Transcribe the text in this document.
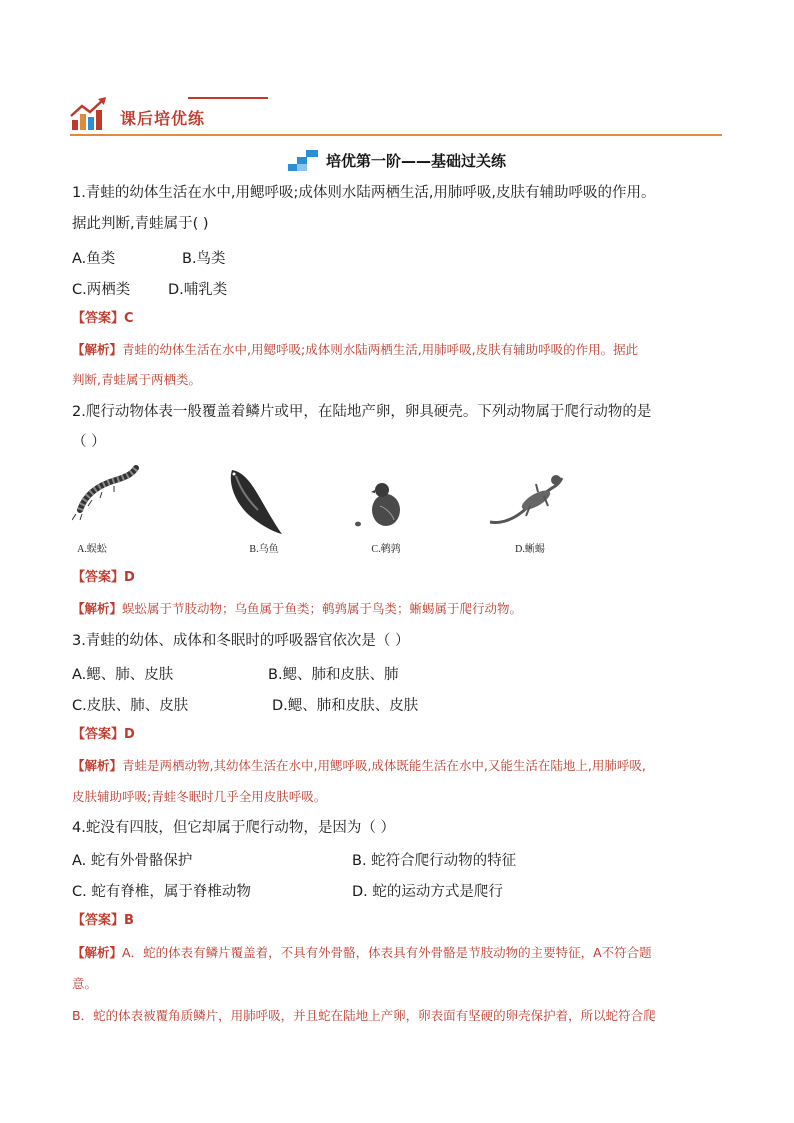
课后培优练
培优第一阶——基础过关练
1.青蛙的幼体生活在水中,用鳃呼吸;成体则水陆两栖生活,用肺呼吸,皮肤有辅助呼吸的作用。
据此判断,青蛙属于( )
A.鱼类	B.鸟类
C.两栖类	D.哺乳类
【答案】C
【解析】青蛙的幼体生活在水中,用鳃呼吸;成体则水陆两栖生活,用肺呼吸,皮肤有辅助呼吸的作用。据此
判断,青蛙属于两栖类。
2.爬行动物体表一般覆盖着鳞片或甲，在陆地产卵，卵具硬壳。下列动物属于爬行动物的是
（ ）
A.蜈蚣	B.乌鱼	C.鹌鹑	D.蜥蜴
【答案】D
【解析】蜈蚣属于节肢动物；乌鱼属于鱼类；鹌鹑属于鸟类；蜥蜴属于爬行动物。
3.青蛙的幼体、成体和冬眠时的呼吸器官依次是（ ）
A.鳃、肺、皮肤	B.鳃、肺和皮肤、肺
C.皮肤、肺、皮肤	D.鳃、肺和皮肤、皮肤
【答案】D
【解析】青蛙是两栖动物,其幼体生活在水中,用鳃呼吸,成体既能生活在水中,又能生活在陆地上,用肺呼吸,
皮肤辅助呼吸;青蛙冬眠时几乎全用皮肤呼吸。
4.蛇没有四肢，但它却属于爬行动物，是因为（ ）
A. 蛇有外骨骼保护	B. 蛇符合爬行动物的特征
C. 蛇有脊椎，属于脊椎动物	D. 蛇的运动方式是爬行
【答案】B
【解析】A．蛇的体表有鳞片覆盖着，不具有外骨骼，体表具有外骨骼是节肢动物的主要特征，A不符合题
意。
B．蛇的体表被覆角质鳞片，用肺呼吸，并且蛇在陆地上产卵，卵表面有坚硬的卵壳保护着，所以蛇符合爬
